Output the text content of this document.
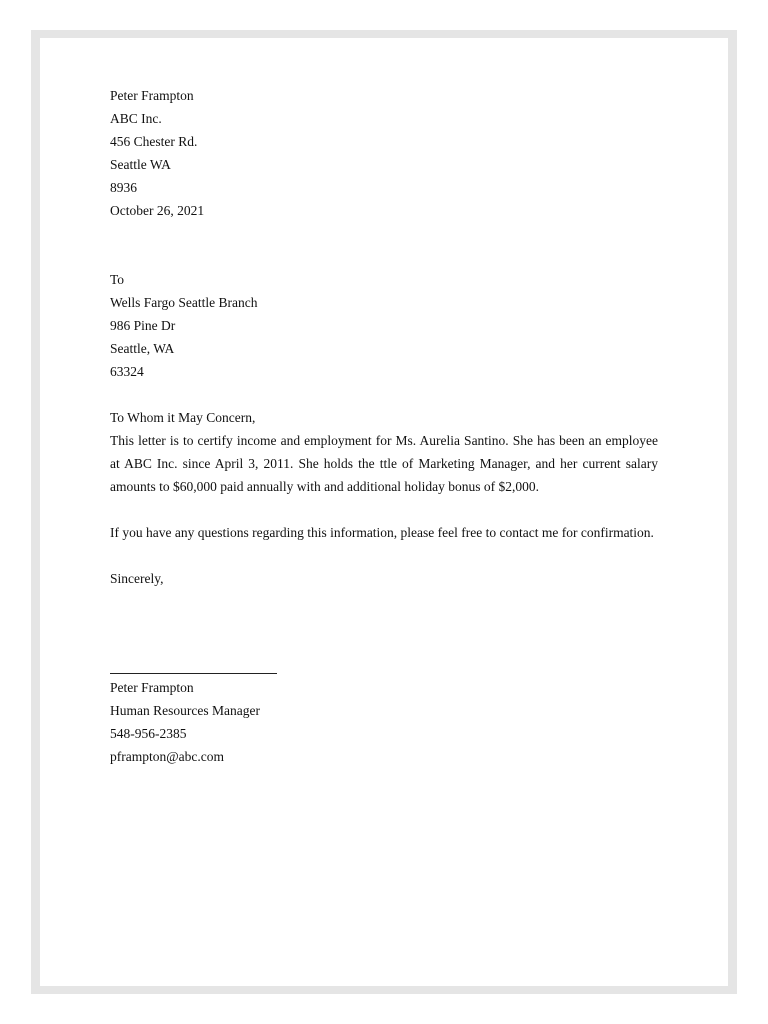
Peter Frampton
ABC Inc.
456 Chester Rd.
Seattle WA
8936
October 26, 2021
To
Wells Fargo Seattle Branch
986 Pine Dr
Seattle, WA
63324
To Whom it May Concern,

This letter is to certify income and employment for Ms. Aurelia Santino. She has been an employee at ABC Inc. since April 3, 2011. She holds the ttle of Marketing Manager, and her current salary amounts to $60,000 paid annually with and additional holiday bonus of $2,000.

If you have any questions regarding this information, please feel free to contact me for confirmation.

Sincerely,
Peter Frampton
Human Resources Manager
548-956-2385
pframpton@abc.com
